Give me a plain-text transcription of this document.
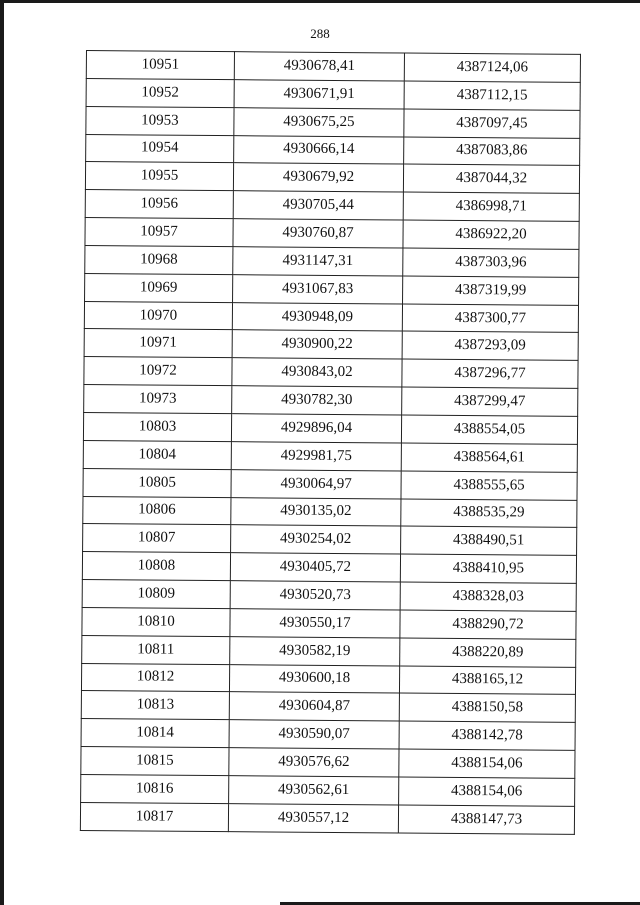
288
10951	4930678,41	4387124,06
10952	4930671,91	4387112,15
10953	4930675,25	4387097,45
10954	4930666,14	4387083,86
10955	4930679,92	4387044,32
10956	4930705,44	4386998,71
10957	4930760,87	4386922,20
10968	4931147,31	4387303,96
10969	4931067,83	4387319,99
10970	4930948,09	4387300,77
10971	4930900,22	4387293,09
10972	4930843,02	4387296,77
10973	4930782,30	4387299,47
10803	4929896,04	4388554,05
10804	4929981,75	4388564,61
10805	4930064,97	4388555,65
10806	4930135,02	4388535,29
10807	4930254,02	4388490,51
10808	4930405,72	4388410,95
10809	4930520,73	4388328,03
10810	4930550,17	4388290,72
10811	4930582,19	4388220,89
10812	4930600,18	4388165,12
10813	4930604,87	4388150,58
10814	4930590,07	4388142,78
10815	4930576,62	4388154,06
10816	4930562,61	4388154,06
10817	4930557,12	4388147,73
